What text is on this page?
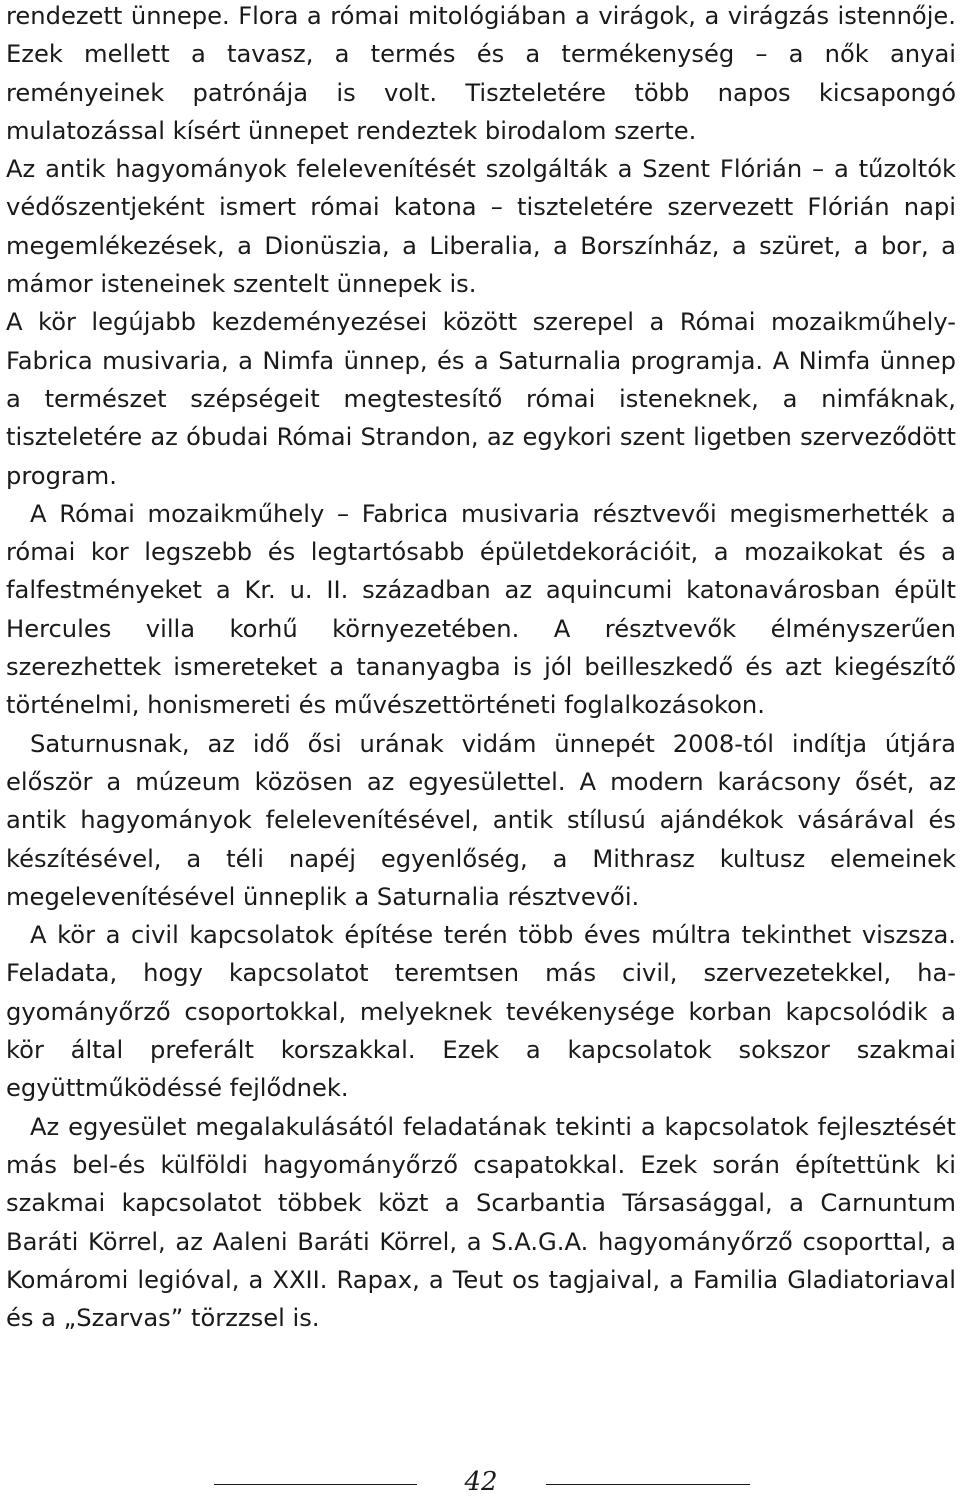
rendezett ünnepe. Flora a római mitológiában a virágok, a virágzás istennője. Ezek mellett a tavasz, a termés és a termékenység – a nők anyai reményeinek patrónája is volt. Tiszteletére több napos kicsapongó mulatozással kísért ünnepet rendeztek birodalom szerte.

Az antik hagyományok felelevenítését szolgálták a Szent Flórián – a tűzoltók védőszentjeként ismert római katona – tiszteletére szervezett Flórián napi megemlékezések, a Dionüszia, a Liberalia, a Borszínház, a szüret, a bor, a mámor isteneinek szentelt ünnepek is.

A kör legújabb kezdeményezései között szerepel a Római mozaikműhely- Fabrica musivaria, a Nimfa ünnep, és a Saturnalia programja. A Nimfa ünnep a természet szépségeit megtestesítő római isteneknek, a nimfáknak, tiszteletére az óbudai Római Strandon, az egykori szent ligetben szerveződött program.

A Római mozaikműhely – Fabrica musivaria résztvevői megismerhették a római kor legszebb és legtartósabb épületdekorációit, a mozaikokat és a falfestményeket a Kr. u. II. században az aquincumi katonavárosban épült Hercules villa korhű környezetében. A résztvevők élményszerűen szerezhettek ismereteket a tananyagba is jól beilleszkedő és azt kiegészítő történelmi, honismereti és művészettörténeti foglalkozásokon.

Saturnusnak, az idő ősi urának vidám ünnepét 2008-tól indítja útjára először a múzeum közösen az egyesülettel. A modern karácsony ősét, az antik hagyományok felelevenítésével, antik stílusú ajándékok vásárával és készítésével, a téli napéj egyenlőség, a Mithrasz kultusz elemeinek megelevenítésével ünneplik a Saturnalia résztvevői.

A kör a civil kapcsolatok építése terén több éves múltra tekinthet viszsza. Feladata, hogy kapcsolatot teremtsen más civil, szervezetekkel, hagyományőrző csoportokkal, melyeknek tevékenysége korban kapcsolódik a kör által preferált korszakkal. Ezek a kapcsolatok sokszor szakmai együttműködéssé fejlődnek.

Az egyesület megalakulásától feladatának tekinti a kapcsolatok fejlesztését más bel-és külföldi hagyományőrző csapatokkal. Ezek során építettünk ki szakmai kapcsolatot többek közt a Scarbantia Társasággal, a Carnuntum Baráti Körrel, az Aaleni Baráti Körrel, a S.A.G.A. hagyományőrző csoporttal, a Komáromi legióval, a XXII. Rapax, a Teut os tagjaival, a Familia Gladiatoriaval és a „Szarvas” törzzsel is.

42
